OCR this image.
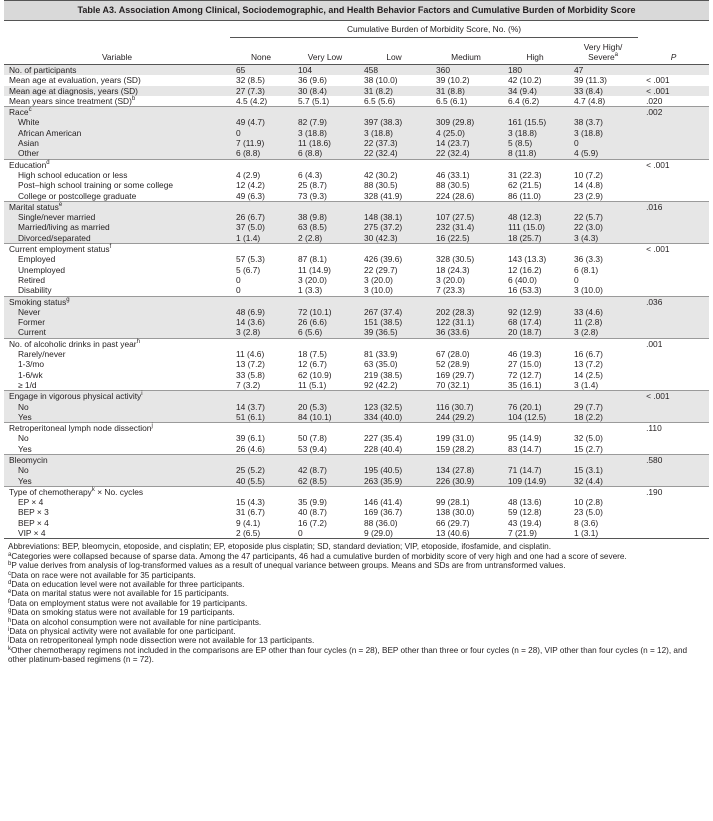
Table A3. Association Among Clinical, Sociodemographic, and Health Behavior Factors and Cumulative Burden of Morbidity Score
	Cumulative Burden of Morbidity Score, No. (%)						
Variable	None	Very Low	Low	Medium	High	Very High/
Severe$^a$	P
No. of participants	65	104	458	360	180	47	
Mean age at evaluation, years (SD)	32 (8.5)	36 (9.6)	38 (10.0)	39 (10.2)	42 (10.2)	39 (11.3)	< .001
Mean age at diagnosis, years (SD)	27 (7.3)	30 (8.4)	31 (8.2)	31 (8.8)	34 (9.4)	33 (8.4)	< .001
Mean years since treatment (SD)$^b$	4.5 (4.2)	5.7 (5.1)	6.5 (5.6)	6.5 (6.1)	6.4 (6.2)	4.7 (4.8)	.020
Race$^c$							.002
White	49 (4.7)	82 (7.9)	397 (38.3)	309 (29.8)	161 (15.5)	38 (3.7)	
African American	0	3 (18.8)	3 (18.8)	4 (25.0)	3 (18.8)	3 (18.8)	
Asian	7 (11.9)	11 (18.6)	22 (37.3)	14 (23.7)	5 (8.5)	0	
Other	6 (8.8)	6 (8.8)	22 (32.4)	22 (32.4)	8 (11.8)	4 (5.9)	
Education$^d$							< .001
High school education or less	4 (2.9)	6 (4.3)	42 (30.2)	46 (33.1)	31 (22.3)	10 (7.2)	
Post–high school training or some college	12 (4.2)	25 (8.7)	88 (30.5)	88 (30.5)	62 (21.5)	14 (4.8)	
College or postcollege graduate	49 (6.3)	73 (9.3)	328 (41.9)	224 (28.6)	86 (11.0)	23 (2.9)	
Marital status$^e$							.016
Single/never married	26 (6.7)	38 (9.8)	148 (38.1)	107 (27.5)	48 (12.3)	22 (5.7)	
Married/living as married	37 (5.0)	63 (8.5)	275 (37.2)	232 (31.4)	111 (15.0)	22 (3.0)	
Divorced/separated	1 (1.4)	2 (2.8)	30 (42.3)	16 (22.5)	18 (25.7)	3 (4.3)	
Current employment status$^f$							< .001
Employed	57 (5.3)	87 (8.1)	426 (39.6)	328 (30.5)	143 (13.3)	36 (3.3)	
Unemployed	5 (6.7)	11 (14.9)	22 (29.7)	18 (24.3)	12 (16.2)	6 (8.1)	
Retired	0	3 (20.0)	3 (20.0)	3 (20.0)	6 (40.0)	0	
Disability	0	1 (3.3)	3 (10.0)	7 (23.3)	16 (53.3)	3 (10.0)	
Smoking status$^g$							.036
Never	48 (6.9)	72 (10.1)	267 (37.4)	202 (28.3)	92 (12.9)	33 (4.6)	
Former	14 (3.6)	26 (6.6)	151 (38.5)	122 (31.1)	68 (17.4)	11 (2.8)	
Current	3 (2.8)	6 (5.6)	39 (36.5)	36 (33.6)	20 (18.7)	3 (2.8)	
No. of alcoholic drinks in past year$^h$							.001
Rarely/never	11 (4.6)	18 (7.5)	81 (33.9)	67 (28.0)	46 (19.3)	16 (6.7)	
1-3/mo	13 (7.2)	12 (6.7)	63 (35.0)	52 (28.9)	27 (15.0)	13 (7.2)	
1-6/wk	33 (5.8)	62 (10.9)	219 (38.5)	169 (29.7)	72 (12.7)	14 (2.5)	
≥ 1/d	7 (3.2)	11 (5.1)	92 (42.2)	70 (32.1)	35 (16.1)	3 (1.4)	
Engage in vigorous physical activity$^i$							< .001
No	14 (3.7)	20 (5.3)	123 (32.5)	116 (30.7)	76 (20.1)	29 (7.7)	
Yes	51 (6.1)	84 (10.1)	334 (40.0)	244 (29.2)	104 (12.5)	18 (2.2)	
Retroperitoneal lymph node dissection$^j$							.110
No	39 (6.1)	50 (7.8)	227 (35.4)	199 (31.0)	95 (14.9)	32 (5.0)	
Yes	26 (4.6)	53 (9.4)	228 (40.4)	159 (28.2)	83 (14.7)	15 (2.7)	
Bleomycin							.580
No	25 (5.2)	42 (8.7)	195 (40.5)	134 (27.8)	71 (14.7)	15 (3.1)	
Yes	40 (5.5)	62 (8.5)	263 (35.9)	226 (30.9)	109 (14.9)	32 (4.4)	
Type of chemotherapy$^k$ × No. cycles							.190
EP × 4	15 (4.3)	35 (9.9)	146 (41.4)	99 (28.1)	48 (13.6)	10 (2.8)	
BEP × 3	31 (6.7)	40 (8.7)	169 (36.7)	138 (30.0)	59 (12.8)	23 (5.0)	
BEP × 4	9 (4.1)	16 (7.2)	88 (36.0)	66 (29.7)	43 (19.4)	8 (3.6)	
VIP × 4	2 (6.5)	0	9 (29.0)	13 (40.6)	7 (21.9)	1 (3.1)	
Abbreviations: BEP, bleomycin, etoposide, and cisplatin; EP, etoposide plus cisplatin; SD, standard deviation; VIP, etoposide, ifosfamide, and cisplatin.
$^a$Categories were collapsed because of sparse data. Among the 47 participants, 46 had a cumulative burden of morbidity score of very high and one had a score of severe.
$^b$P value derives from analysis of log-transformed values as a result of unequal variance between groups. Means and SDs are from untransformed values.
$^c$Data on race were not available for 35 participants.
$^d$Data on education level were not available for three participants.
$^e$Data on marital status were not available for 15 participants.
$^f$Data on employment status were not available for 19 participants.
$^g$Data on smoking status were not available for 19 participants.
$^h$Data on alcohol consumption were not available for nine participants.
$^i$Data on physical activity were not available for one participant.
$^j$Data on retroperitoneal lymph node dissection were not available for 13 participants.
$^k$Other chemotherapy regimens not included in the comparisons are EP other than four cycles (n = 28), BEP other than three or four cycles (n = 28), VIP other than four cycles (n = 12), and other platinum-based regimens (n = 72).
